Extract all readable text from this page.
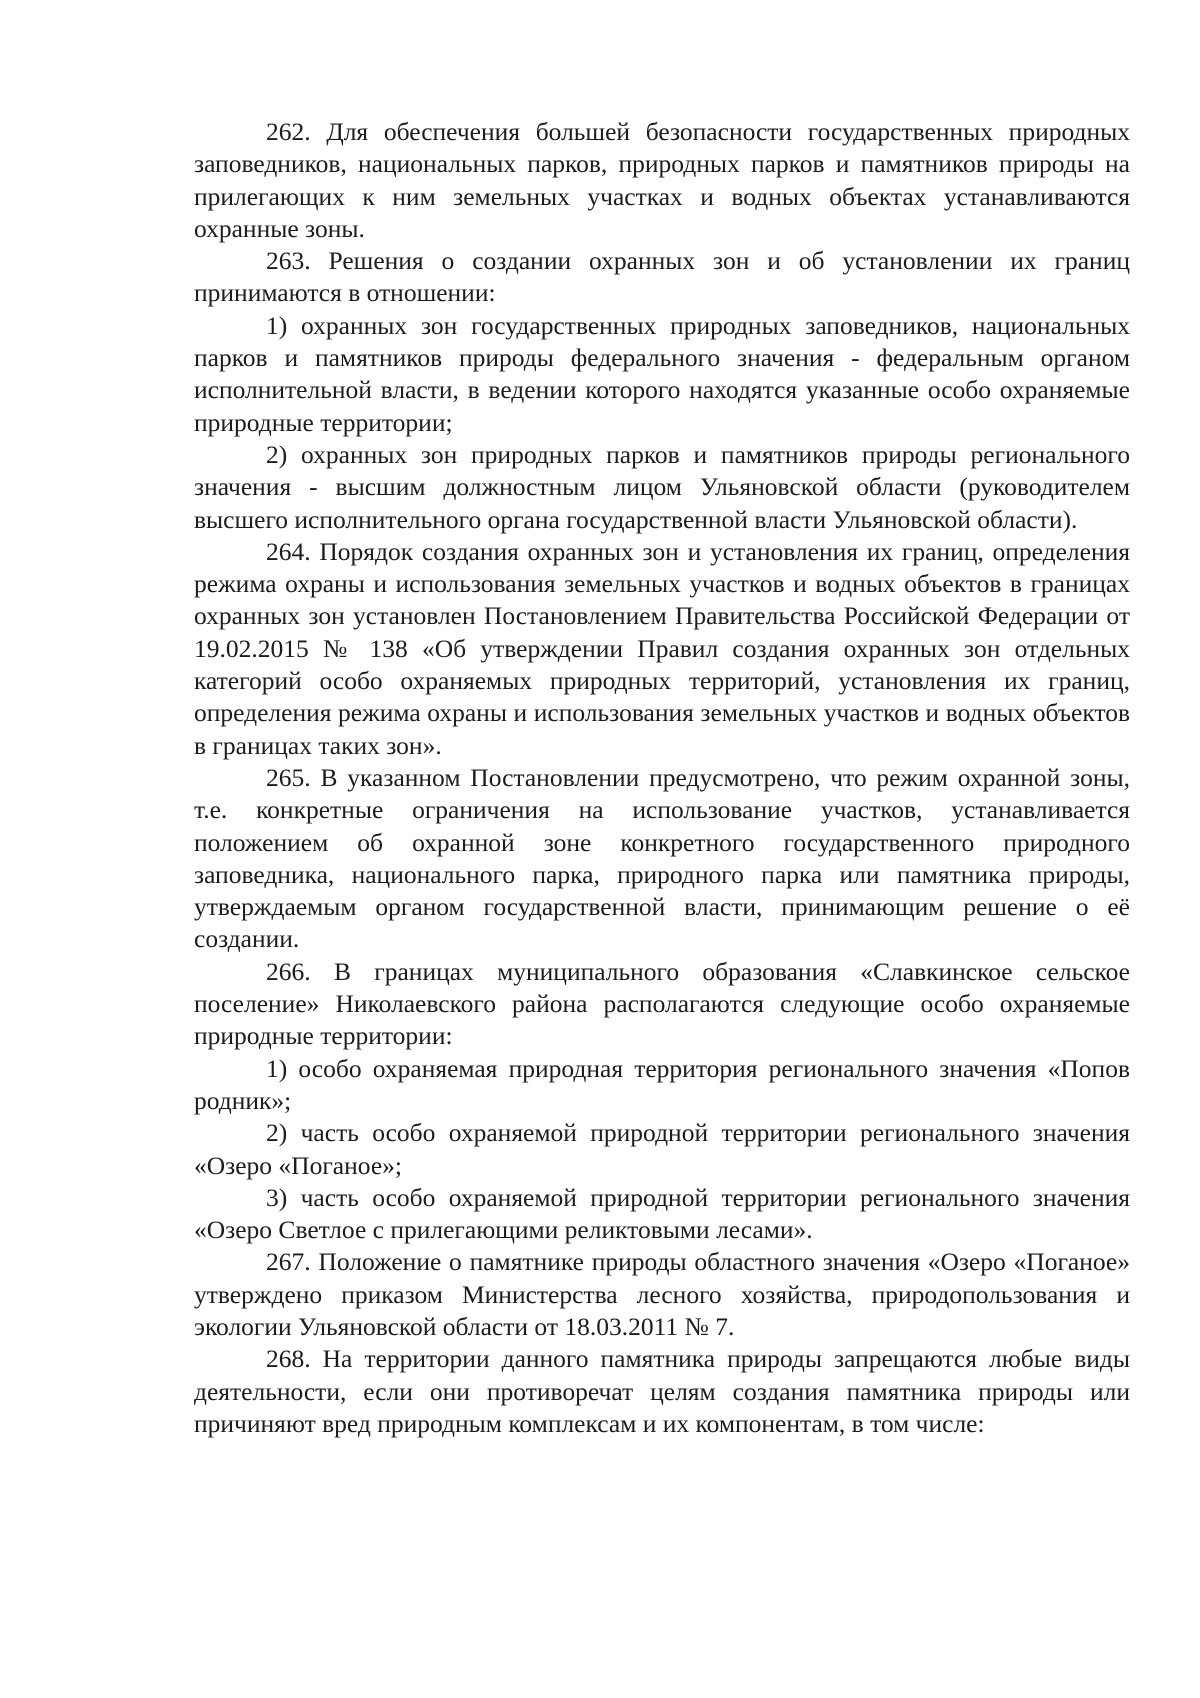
262. Для обеспечения большей безопасности государственных природных заповедников, национальных парков, природных парков и памятников природы на прилегающих к ним земельных участках и водных объектах устанавливаются охранные зоны.

263. Решения о создании охранных зон и об установлении их границ принимаются в отношении:

1) охранных зон государственных природных заповедников, национальных парков и памятников природы федерального значения - федеральным органом исполнительной власти, в ведении которого находятся указанные особо охраняемые природные территории;

2) охранных зон природных парков и памятников природы регионального значения - высшим должностным лицом Ульяновской области (руководителем высшего исполнительного органа государственной власти Ульяновской области).

264. Порядок создания охранных зон и установления их границ, определения режима охраны и использования земельных участков и водных объектов в границах охранных зон установлен Постановлением Правительства Российской Федерации от 19.02.2015 № 138 «Об утверждении Правил создания охранных зон отдельных категорий особо охраняемых природных территорий, установления их границ, определения режима охраны и использования земельных участков и водных объектов в границах таких зон».

265. В указанном Постановлении предусмотрено, что режим охранной зоны, т.е. конкретные ограничения на использование участков, устанавливается положением об охранной зоне конкретного государственного природного заповедника, национального парка, природного парка или памятника природы, утверждаемым органом государственной власти, принимающим решение о её создании.

266. В границах муниципального образования «Славкинское сельское поселение» Николаевского района располагаются следующие особо охраняемые природные территории:

1) особо охраняемая природная территория регионального значения «Попов родник»;

2) часть особо охраняемой природной территории регионального значения «Озеро «Поганое»;

3) часть особо охраняемой природной территории регионального значения «Озеро Светлое с прилегающими реликтовыми лесами».

267. Положение о памятнике природы областного значения «Озеро «Поганое» утверждено приказом Министерства лесного хозяйства, природопользования и экологии Ульяновской области от 18.03.2011 № 7.

268. На территории данного памятника природы запрещаются любые виды деятельности, если они противоречат целям создания памятника природы или причиняют вред природным комплексам и их компонентам, в том числе:
